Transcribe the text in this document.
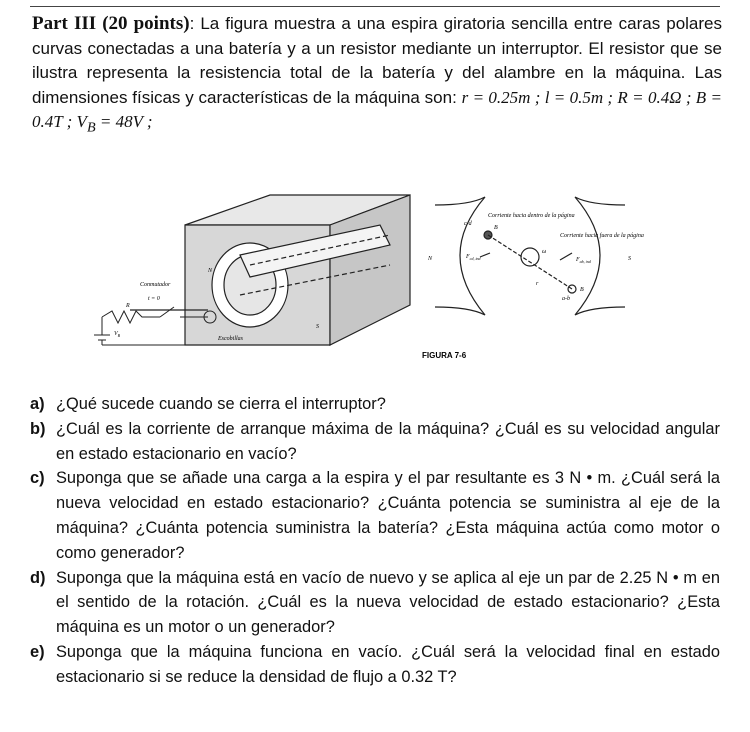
Part III (20 points): La figura muestra a una espira giratoria sencilla entre caras polares curvas conectadas a una batería y a un resistor mediante un interruptor. El resistor que se ilustra representa la resistencia total de la batería y del alambre en la máquina. Las dimensiones físicas y características de la máquina son: r = 0.25m ; l = 0.5m ; R = 0.4Ω ; B = 0.4T ; $V_B = 48V$ ;
Conmutador
Escobillas
t = 0
R
$V_B$
N
S
Corriente hacia dentro de la página
Corriente hacia fuera de la página
c-d
a-b
B
B
r
ω
$F_{cd, ind}$	$F_{ab, ind}$
N	S
FIGURA 7-6
a) ¿Qué sucede cuando se cierra el interruptor?
b) ¿Cuál es la corriente de arranque máxima de la máquina? ¿Cuál es su velocidad angular en estado estacionario en vacío?
c) Suponga que se añade una carga a la espira y el par resultante es 3 N • m. ¿Cuál será la nueva velocidad en estado estacionario? ¿Cuánta potencia se suministra al eje de la máquina? ¿Cuánta potencia suministra la batería? ¿Esta máquina actúa como motor o como generador?
d) Suponga que la máquina está en vacío de nuevo y se aplica al eje un par de 2.25 N • m en el sentido de la rotación. ¿Cuál es la nueva velocidad de estado estacionario? ¿Esta máquina es un motor o un generador?
e) Suponga que la máquina funciona en vacío. ¿Cuál será la velocidad final en estado estacionario si se reduce la densidad de flujo a 0.32 T?
